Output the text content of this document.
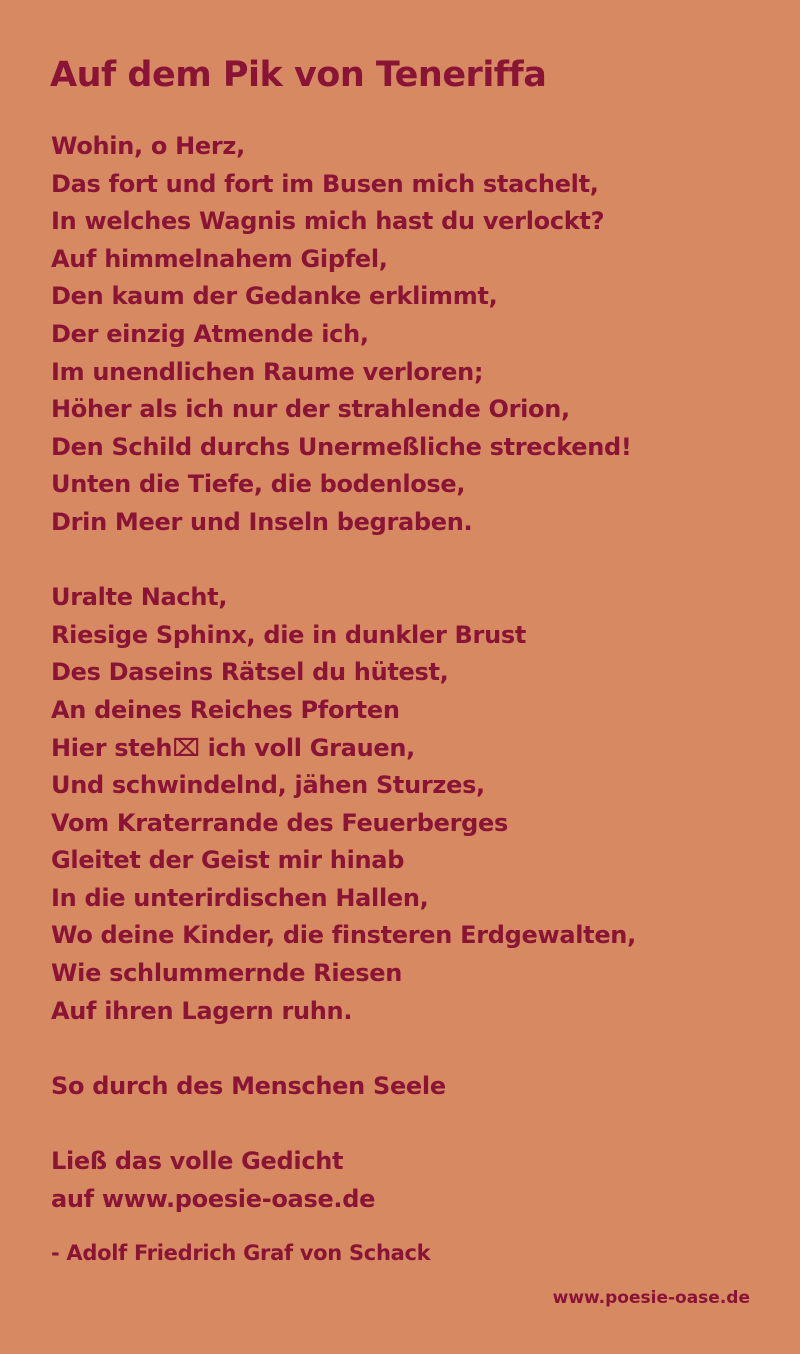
Auf dem Pik von Teneriffa
Wohin, o Herz,
Das fort und fort im Busen mich stachelt,
In welches Wagnis mich hast du verlockt?
Auf himmelnahem Gipfel,
Den kaum der Gedanke erklimmt,
Der einzig Atmende ich,
Im unendlichen Raume verloren;
Höher als ich nur der strahlende Orion,
Den Schild durchs Unermeßliche streckend!
Unten die Tiefe, die bodenlose,
Drin Meer und Inseln begraben.
Uralte Nacht,
Riesige Sphinx, die in dunkler Brust
Des Daseins Rätsel du hütest,
An deines Reiches Pforten
Hier steh⌧ ich voll Grauen,
Und schwindelnd, jähen Sturzes,
Vom Kraterrande des Feuerberges
Gleitet der Geist mir hinab
In die unterirdischen Hallen,
Wo deine Kinder, die finsteren Erdgewalten,
Wie schlummernde Riesen
Auf ihren Lagern ruhn.
So durch des Menschen Seele
Ließ das volle Gedicht
auf www.poesie-oase.de
- Adolf Friedrich Graf von Schack
www.poesie-oase.de
